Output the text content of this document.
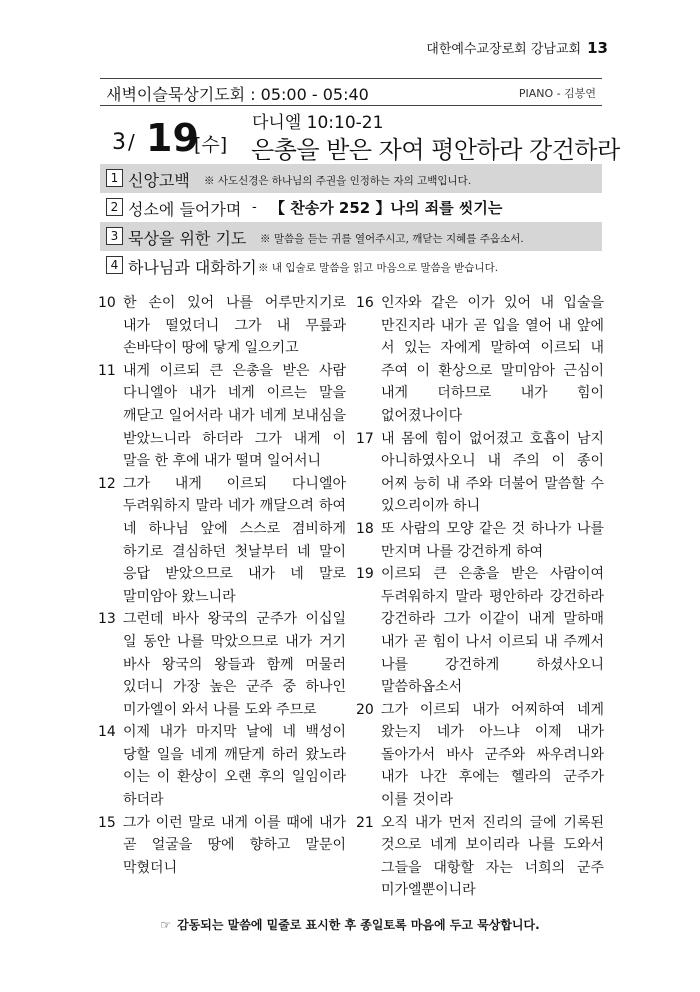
대한예수교장로회 강남교회 13
새벽이슬묵상기도회 : 05:00 - 05:40	PIANO - 김봉연
3 / 19
[수]
다니엘 10:10-21
은총을 받은 자여 평안하라 강건하라
1 신앙고백 ※ 사도신경은 하나님의 주권을 인정하는 자의 고백입니다.
2 성소에 들어가며 - 【 찬송가 252 】나의 죄를 씻기는
3 묵상을 위한 기도 ※ 말씀을 듣는 귀를 열어주시고, 깨닫는 지혜를 주옵소서.
4 하나님과 대화하기 ※ 내 입술로 말씀을 읽고 마음으로 말씀을 받습니다.
10 한 손이 있어 나를 어루만지기로 내가 떨었더니 그가 내 무릎과 손바닥이 땅에 닿게 일으키고
11 내게 이르되 큰 은총을 받은 사람 다니엘아 내가 네게 이르는 말을 깨닫고 일어서라 내가 네게 보내심을 받았느니라 하더라 그가 내게 이 말을 한 후에 내가 떨며 일어서니
12 그가 내게 이르되 다니엘아 두려워하지 말라 네가 깨달으려 하여 네 하나님 앞에 스스로 겸비하게 하기로 결심하던 첫날부터 네 말이 응답 받았으므로 내가 네 말로 말미암아 왔느니라
13 그런데 바사 왕국의 군주가 이십일 일 동안 나를 막았으므로 내가 거기 바사 왕국의 왕들과 함께 머물러 있더니 가장 높은 군주 중 하나인 미가엘이 와서 나를 도와 주므로
14 이제 내가 마지막 날에 네 백성이 당할 일을 네게 깨닫게 하러 왔노라 이는 이 환상이 오랜 후의 일임이라 하더라
15 그가 이런 말로 내게 이를 때에 내가 곧 얼굴을 땅에 향하고 말문이 막혔더니
16 인자와 같은 이가 있어 내 입술을 만진지라 내가 곧 입을 열어 내 앞에 서 있는 자에게 말하여 이르되 내 주여 이 환상으로 말미암아 근심이 내게 더하므로 내가 힘이 없어졌나이다
17 내 몸에 힘이 없어졌고 호흡이 남지 아니하였사오니 내 주의 이 종이 어찌 능히 내 주와 더불어 말씀할 수 있으리이까 하니
18 또 사람의 모양 같은 것 하나가 나를 만지며 나를 강건하게 하여
19 이르되 큰 은총을 받은 사람이여 두려워하지 말라 평안하라 강건하라 강건하라 그가 이같이 내게 말하매 내가 곧 힘이 나서 이르되 내 주께서 나를 강건하게 하셨사오니 말씀하옵소서
20 그가 이르되 내가 어찌하여 네게 왔는지 네가 아느냐 이제 내가 돌아가서 바사 군주와 싸우려니와 내가 나간 후에는 헬라의 군주가 이를 것이라
21 오직 내가 먼저 진리의 글에 기록된 것으로 네게 보이리라 나를 도와서 그들을 대항할 자는 너희의 군주 미가엘뿐이니라
☞ 감동되는 말씀에 밑줄로 표시한 후 종일토록 마음에 두고 묵상합니다.
